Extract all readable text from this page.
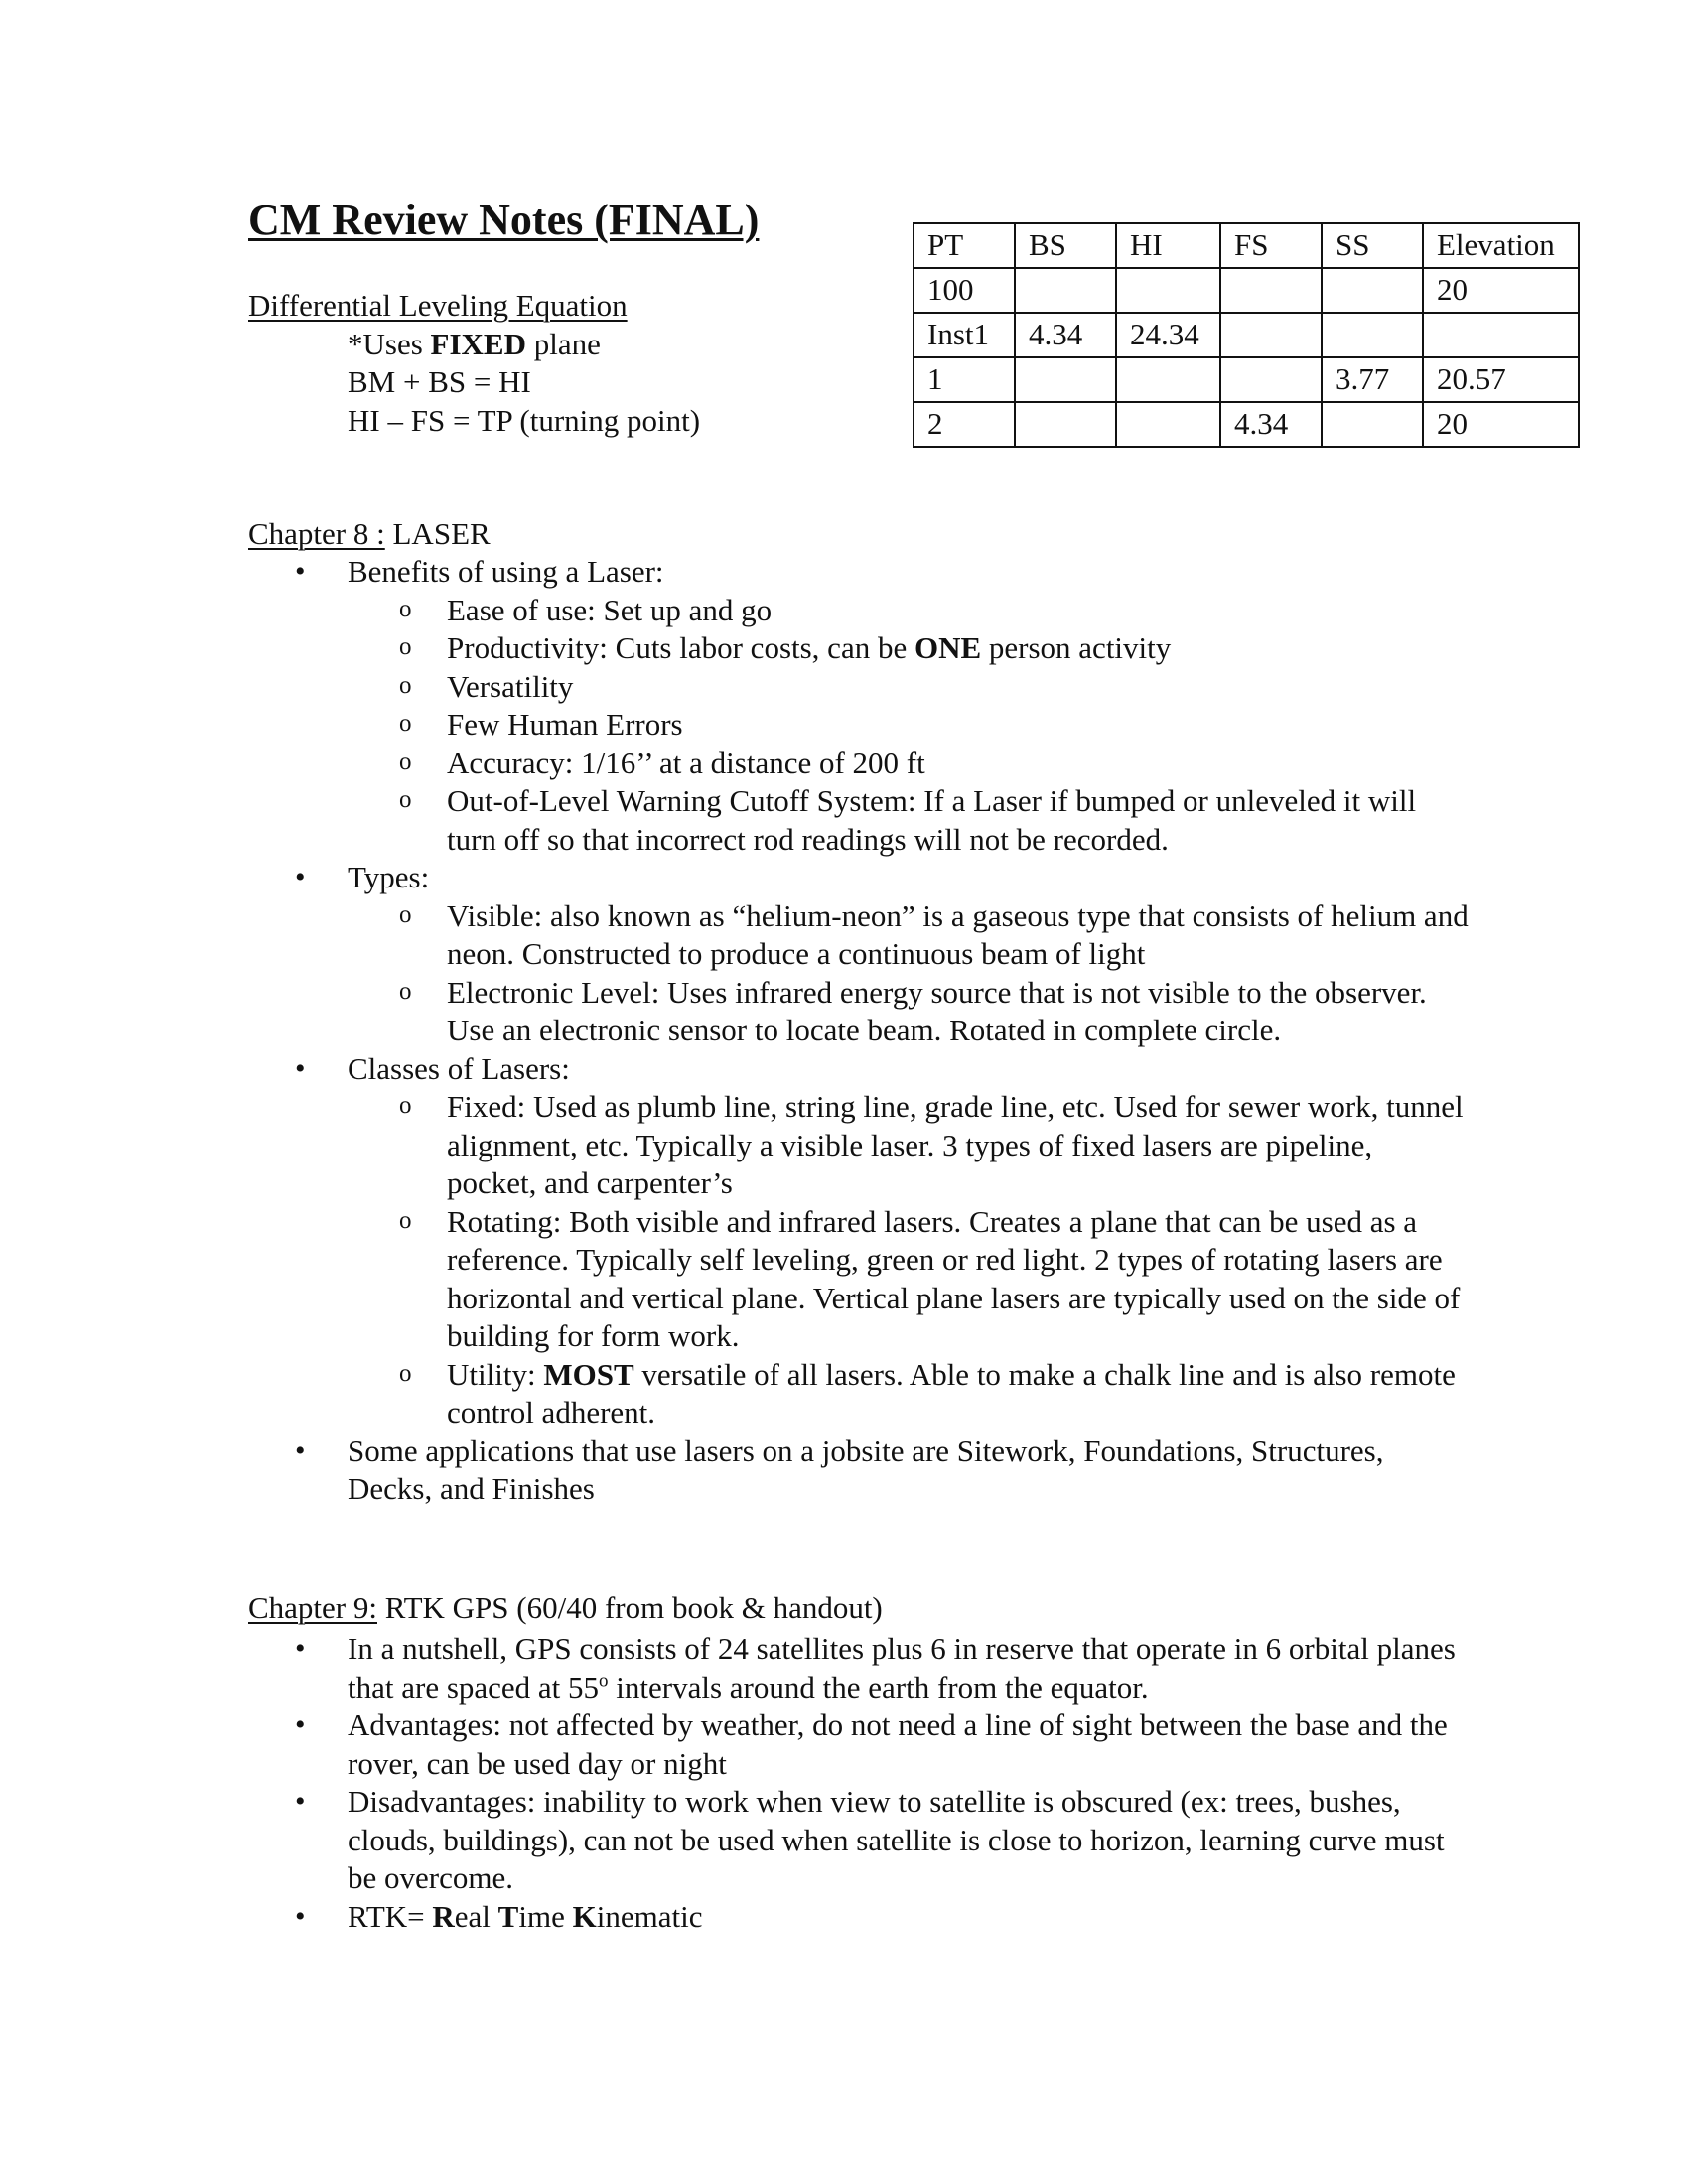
CM Review Notes (FINAL)
Differential Leveling Equation
*Uses FIXED plane
BM + BS = HI
HI – FS = TP (turning point)
PT	BS	HI	FS	SS	Elevation
100					20
Inst1	4.34	24.34			
1				3.77	20.57
2			4.34		20
Chapter 8 : LASER
• Benefits of using a Laser:
o Ease of use: Set up and go
o Productivity: Cuts labor costs, can be ONE person activity
o Versatility
o Few Human Errors
o Accuracy: 1/16’’ at a distance of 200 ft
o Out-of-Level Warning Cutoff System: If a Laser if bumped or unleveled it will turn off so that incorrect rod readings will not be recorded.
• Types:
o Visible: also known as “helium-neon” is a gaseous type that consists of helium and neon. Constructed to produce a continuous beam of light
o Electronic Level: Uses infrared energy source that is not visible to the observer. Use an electronic sensor to locate beam. Rotated in complete circle.
• Classes of Lasers:
o Fixed: Used as plumb line, string line, grade line, etc. Used for sewer work, tunnel alignment, etc. Typically a visible laser. 3 types of fixed lasers are pipeline, pocket, and carpenter’s
o Rotating: Both visible and infrared lasers. Creates a plane that can be used as a reference. Typically self leveling, green or red light. 2 types of rotating lasers are horizontal and vertical plane. Vertical plane lasers are typically used on the side of building for form work.
o Utility: MOST versatile of all lasers. Able to make a chalk line and is also remote control adherent.
• Some applications that use lasers on a jobsite are Sitework, Foundations, Structures, Decks, and Finishes
Chapter 9: RTK GPS (60/40 from book & handout)
• In a nutshell, GPS consists of 24 satellites plus 6 in reserve that operate in 6 orbital planes that are spaced at 55$^o$ intervals around the earth from the equator.
• Advantages: not affected by weather, do not need a line of sight between the base and the rover, can be used day or night
• Disadvantages: inability to work when view to satellite is obscured (ex: trees, bushes, clouds, buildings), can not be used when satellite is close to horizon, learning curve must be overcome.
• RTK= Real Time Kinematic
